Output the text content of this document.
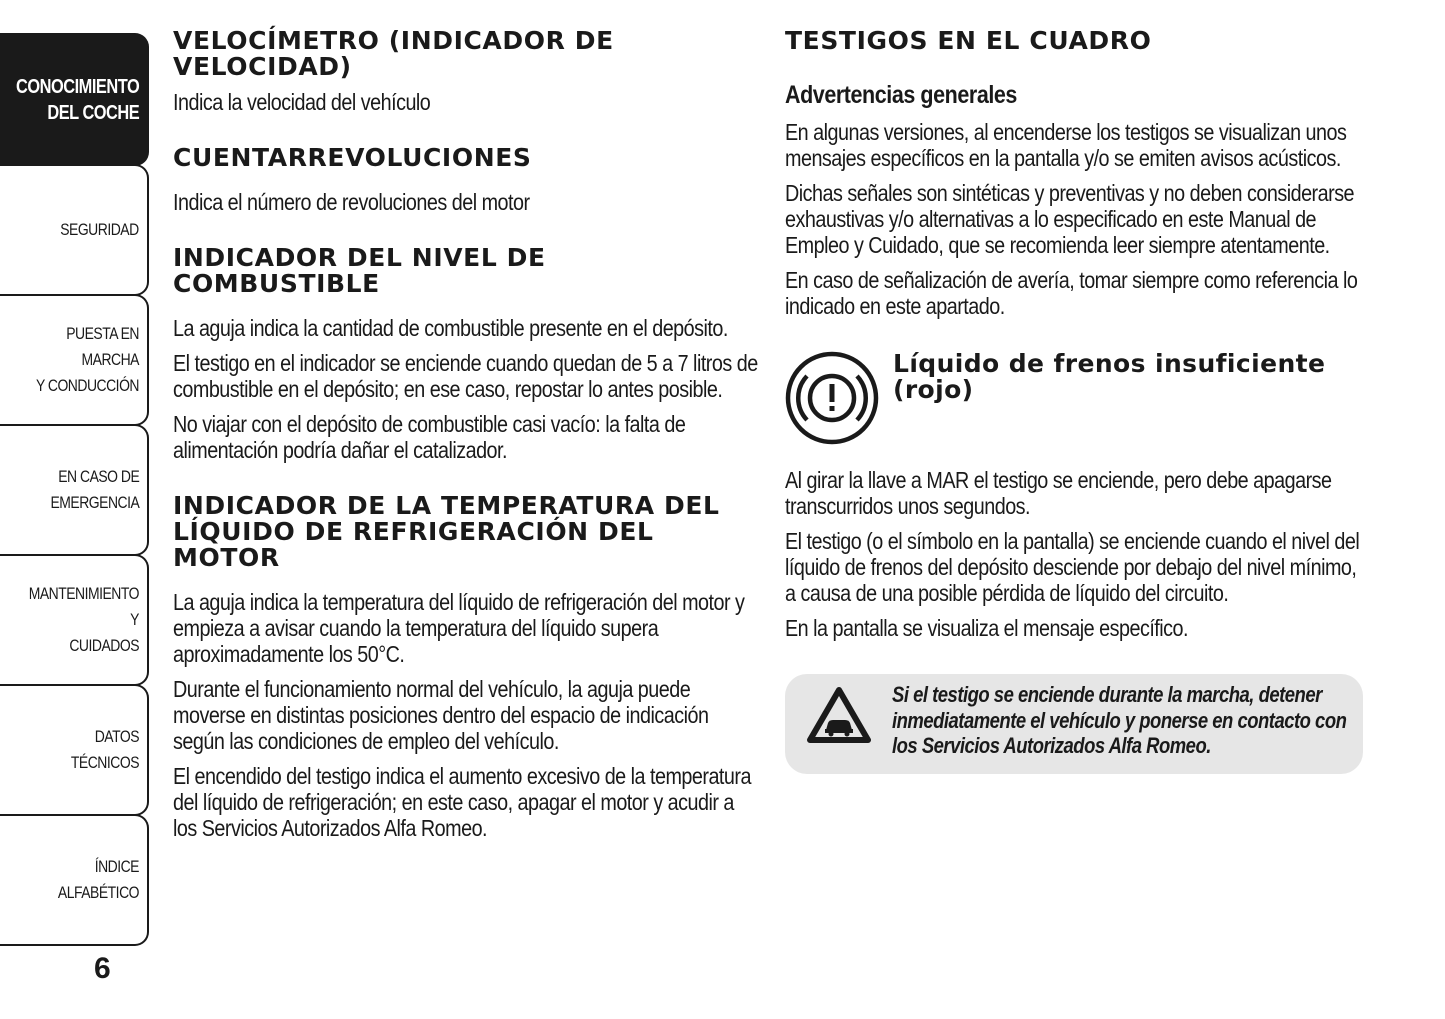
CONOCIMIENTO
DEL COCHE
SEGURIDAD
PUESTA EN MARCHA
Y CONDUCCIÓN
EN CASO DE
EMERGENCIA
MANTENIMIENTO Y
CUIDADOS
DATOS TÉCNICOS
ÍNDICE ALFABÉTICO
6
VELOCÍMETRO (INDICADOR DE VELOCIDAD)

Indica la velocidad del vehículo

CUENTARREVOLUCIONES

Indica el número de revoluciones del motor

INDICADOR DEL NIVEL DE COMBUSTIBLE

La aguja indica la cantidad de combustible presente en el depósito.

El testigo en el indicador se enciende cuando quedan de 5 a 7 litros de combustible en el depósito; en ese caso, repostar lo antes posible.

No viajar con el depósito de combustible casi vacío: la falta de alimentación podría dañar el catalizador.

INDICADOR DE LA TEMPERATURA DEL LÍQUIDO DE REFRIGERACIÓN DEL MOTOR

La aguja indica la temperatura del líquido de refrigeración del motor y empieza a avisar cuando la temperatura del líquido supera aproximadamente los 50°C.

Durante el funcionamiento normal del vehículo, la aguja puede moverse en distintas posiciones dentro del espacio de indicación según las condiciones de empleo del vehículo.

El encendido del testigo indica el aumento excesivo de la temperatura del líquido de refrigeración; en este caso, apagar el motor y acudir a los Servicios Autorizados Alfa Romeo.

TESTIGOS EN EL CUADRO
Advertencias generales

En algunas versiones, al encenderse los testigos se visualizan unos mensajes específicos en la pantalla y/o se emiten avisos acústicos.

Dichas señales son sintéticas y preventivas y no deben considerarse exhaustivas y/o alternativas a lo especificado en este Manual de Empleo y Cuidado, que se recomienda leer siempre atentamente.

En caso de señalización de avería, tomar siempre como referencia lo indicado en este apartado.

Líquido de frenos insuficiente (rojo)

Al girar la llave a MAR el testigo se enciende, pero debe apagarse transcurridos unos segundos.

El testigo (o el símbolo en la pantalla) se enciende cuando el nivel del líquido de frenos del depósito desciende por debajo del nivel mínimo, a causa de una posible pérdida de líquido del circuito.

En la pantalla se visualiza el mensaje específico.

Si el testigo se enciende durante la marcha, detener inmediatamente el vehículo y ponerse en contacto con los Servicios Autorizados Alfa Romeo.
